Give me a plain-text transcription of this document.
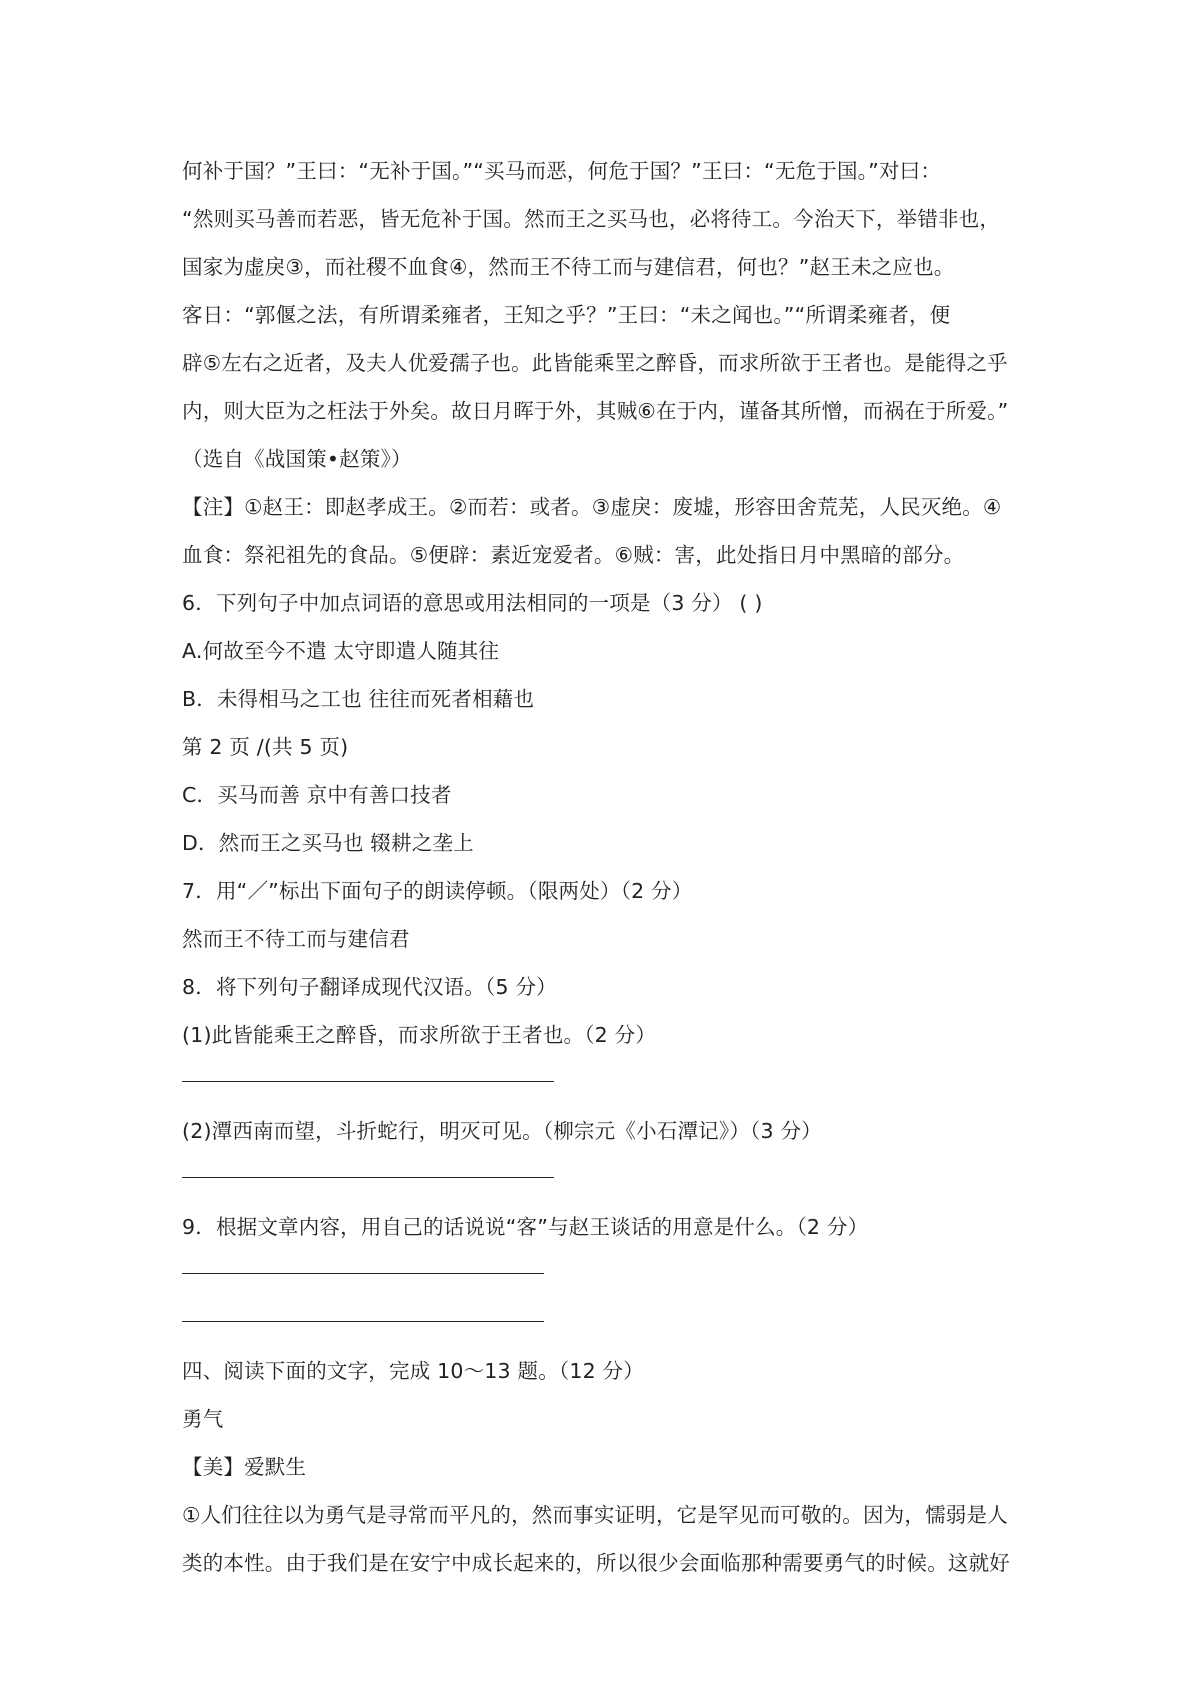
何补于国？”王曰：“无补于国。”“买马而恶，何危于国？”王曰：“无危于国。”对曰：
“然则买马善而若恶，皆无危补于国。然而王之买马也，必将待工。今治天下，举错非也，
国家为虚戾③，而社稷不血食④，然而王不待工而与建信君，何也？”赵王未之应也。
客日：“郭偃之法，有所谓柔雍者，王知之乎？”王曰：“未之闻也。”“所谓柔雍者，便
辟⑤左右之近者，及夫人优爱孺子也。此皆能乘罜之醉昏，而求所欲于王者也。是能得之乎
内，则大臣为之枉法于外矣。故日月晖于外，其贼⑥在于内，谨备其所憎，而祸在于所爱。”
（选自《战国策•赵策》）
【注】①赵王：即赵孝成王。②而若：或者。③虚戾：废墟，形容田舍荒芜，人民灭绝。④
血食：祭祀祖先的食品。⑤便辟：素近宠爱者。⑥贼：害，此处指日月中黑暗的部分。
6．下列句子中加点词语的意思或用法相同的一项是（3 分） ( )
A.何故至今不遣 太守即遣人随其往
B．未得相马之工也 往往而死者相藉也
第 2 页 /(共 5 页)
C．买马而善 京中有善口技者
D．然而王之买马也 辍耕之垄上
7．用“／”标出下面句子的朗读停顿。（限两处）（2 分）
然而王不待工而与建信君
8．将下列句子翻译成现代汉语。（5 分）
(1)此皆能乘王之醉昏，而求所欲于王者也。（2 分）
(2)潭西南而望，斗折蛇行，明灭可见。（柳宗元《小石潭记》）（3 分）
9．根据文章内容，用自己的话说说“客”与赵王谈话的用意是什么。（2 分）
四、阅读下面的文字，完成 10～13 题。（12 分）
勇气
【美】爱默生
①人们往往以为勇气是寻常而平凡的，然而事实证明，它是罕见而可敬的。因为，懦弱是人
类的本性。由于我们是在安宁中成长起来的，所以很少会面临那种需要勇气的时候。这就好
